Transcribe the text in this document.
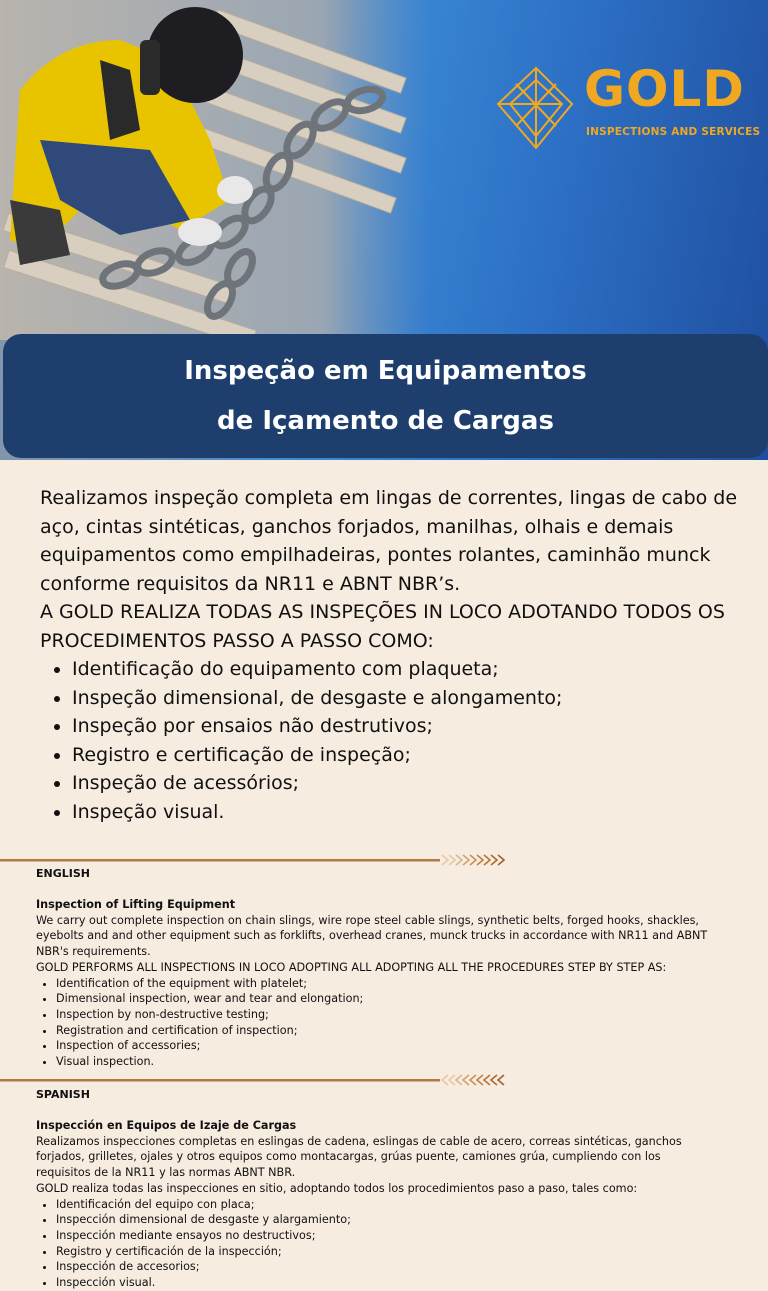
GOLD
INSPECTIONS AND SERVICES
Inspeção em Equipamentos
de Içamento de Cargas

Realizamos inspeção completa em lingas de correntes, lingas de cabo de aço, cintas sintéticas, ganchos forjados, manilhas, olhais e demais equipamentos como empilhadeiras, pontes rolantes, caminhão munck conforme requisitos da NR11 e ABNT NBR’s.

A GOLD REALIZA TODAS AS INSPEÇÕES IN LOCO ADOTANDO TODOS OS PROCEDIMENTOS PASSO A PASSO COMO:

• Identificação do equipamento com plaqueta;
• Inspeção dimensional, de desgaste e alongamento;
• Inspeção por ensaios não destrutivos;
• Registro e certificação de inspeção;
• Inspeção de acessórios;
• Inspeção visual.
ENGLISH

Inspection of Lifting Equipment

We carry out complete inspection on chain slings, wire rope steel cable slings, synthetic belts, forged hooks, shackles, eyebolts and and other equipment such as forklifts, overhead cranes, munck trucks in accordance with NR11 and ABNT NBR's requirements.

GOLD PERFORMS ALL INSPECTIONS IN LOCO ADOPTING ALL ADOPTING ALL THE PROCEDURES STEP BY STEP AS:

• Identification of the equipment with platelet;
• Dimensional inspection, wear and tear and elongation;
• Inspection by non-destructive testing;
• Registration and certification of inspection;
• Inspection of accessories;
• Visual inspection.
SPANISH

Inspección en Equipos de Izaje de Cargas

Realizamos inspecciones completas en eslingas de cadena, eslingas de cable de acero, correas sintéticas, ganchos forjados, grilletes, ojales y otros equipos como montacargas, grúas puente, camiones grúa, cumpliendo con los requisitos de la NR11 y las normas ABNT NBR.

GOLD realiza todas las inspecciones en sitio, adoptando todos los procedimientos paso a paso, tales como:

• Identificación del equipo con placa;
• Inspección dimensional de desgaste y alargamiento;
• Inspección mediante ensayos no destructivos;
• Registro y certificación de la inspección;
• Inspección de accesorios;
• Inspección visual.
